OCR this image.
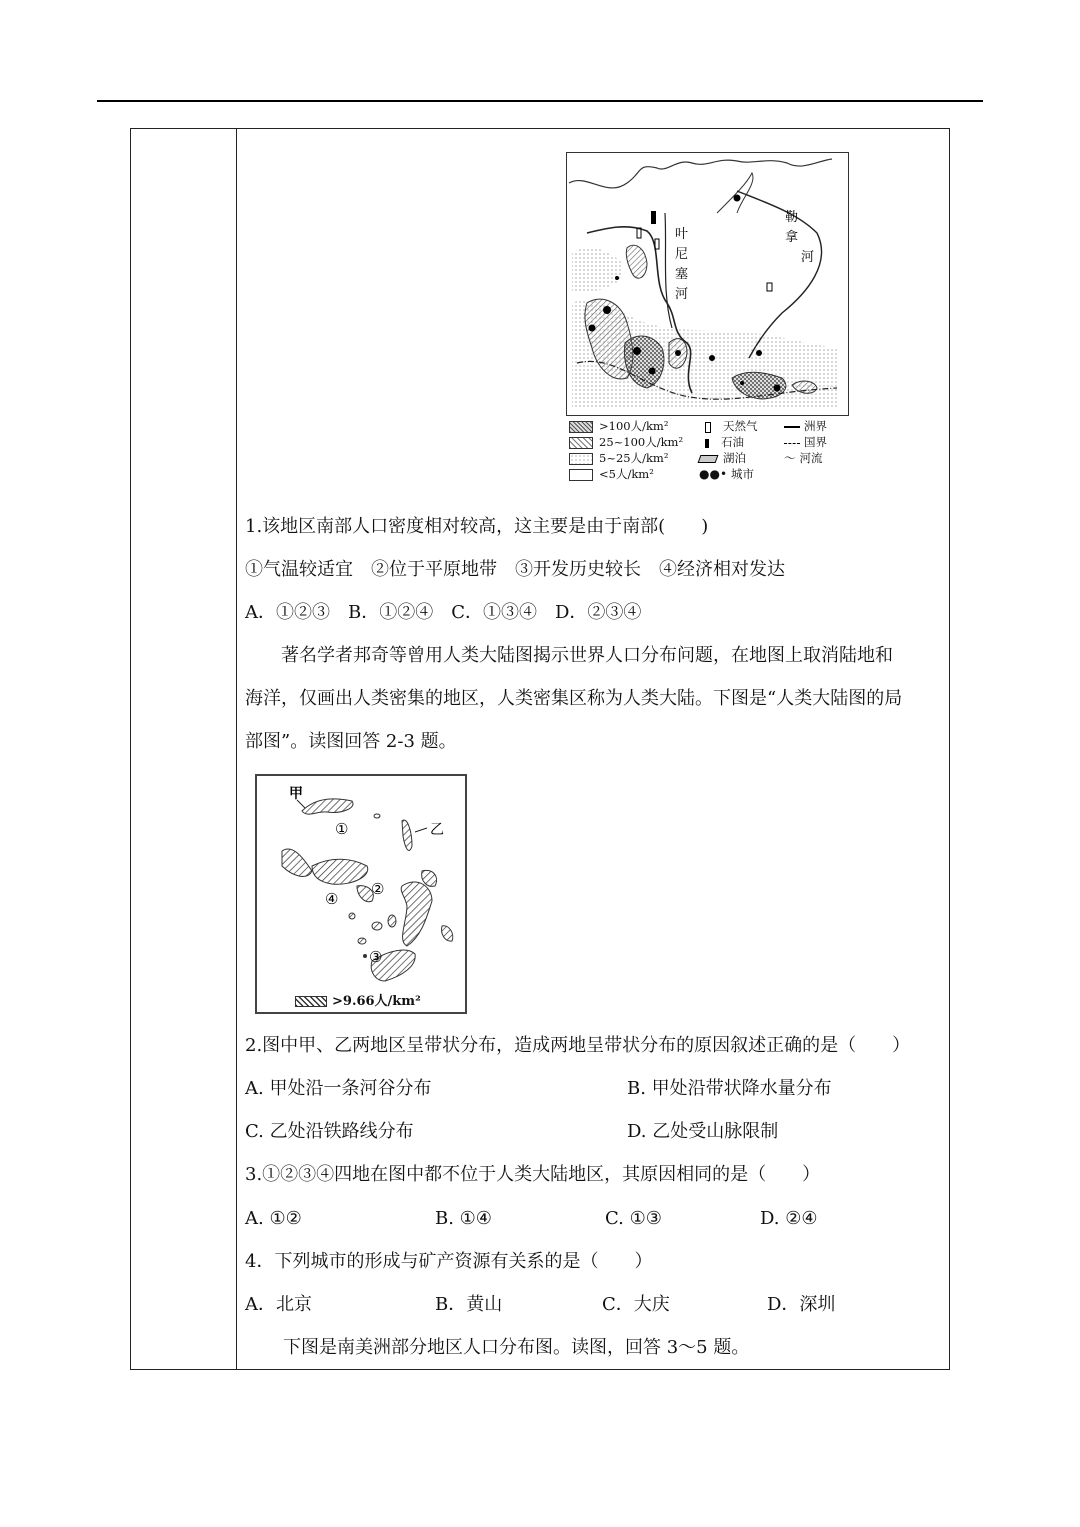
叶
尼
塞
河
勒
拿
河
>100人/km²
25~100人/km²
5~25人/km²
<5人/km²
天然气
石油
湖泊
●●• 城市
洲界
国界
〜 河流
1.该地区南部人口密度相对较高，这主要是由于南部(　　)
①气温较适宜　②位于平原地带　③开发历史较长　④经济相对发达
A．①②③　B．①②④　C．①③④　D．②③④
著名学者邦奇等曾用人类大陆图揭示世界人口分布问题，在地图上取消陆地和
海洋，仅画出人类密集的地区，人类密集区称为人类大陆。下图是“人类大陆图的局
部图”。读图回答 2-3 题。
甲
乙
①
②
④
③
>9.66人/km²
2.图中甲、乙两地区呈带状分布，造成两地呈带状分布的原因叙述正确的是（　　）
A. 甲处沿一条河谷分布	B. 甲处沿带状降水量分布
C. 乙处沿铁路线分布	D. 乙处受山脉限制
3.①②③④四地在图中都不位于人类大陆地区，其原因相同的是（　　）
A. ①②	B. ①④	C. ①③	D. ②④
4．下列城市的形成与矿产资源有关系的是（　　）
A．北京	B．黄山	C．大庆	D．深圳
下图是南美洲部分地区人口分布图。读图，回答 3～5 题。
